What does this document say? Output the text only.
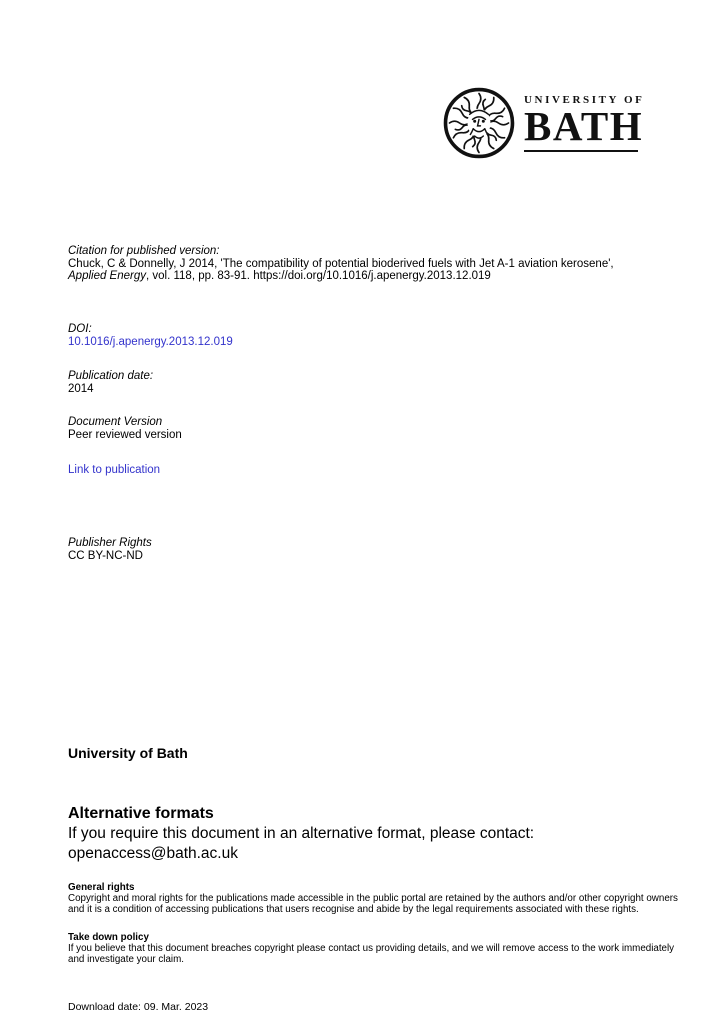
UNIVERSITY OF
BATH
Citation for published version:
Chuck, C & Donnelly, J 2014, 'The compatibility of potential bioderived fuels with Jet A-1 aviation kerosene',
Applied Energy, vol. 118, pp. 83-91. https://doi.org/10.1016/j.apenergy.2013.12.019
DOI:
10.1016/j.apenergy.2013.12.019
Publication date:
2014
Document Version
Peer reviewed version
Link to publication
Publisher Rights
CC BY-NC-ND
University of Bath
Alternative formats
If you require this document in an alternative format, please contact:
openaccess@bath.ac.uk
General rights
Copyright and moral rights for the publications made accessible in the public portal are retained by the authors and/or other copyright owners and it is a condition of accessing publications that users recognise and abide by the legal requirements associated with these rights.
Take down policy
If you believe that this document breaches copyright please contact us providing details, and we will remove access to the work immediately and investigate your claim.
Download date: 09. Mar. 2023
